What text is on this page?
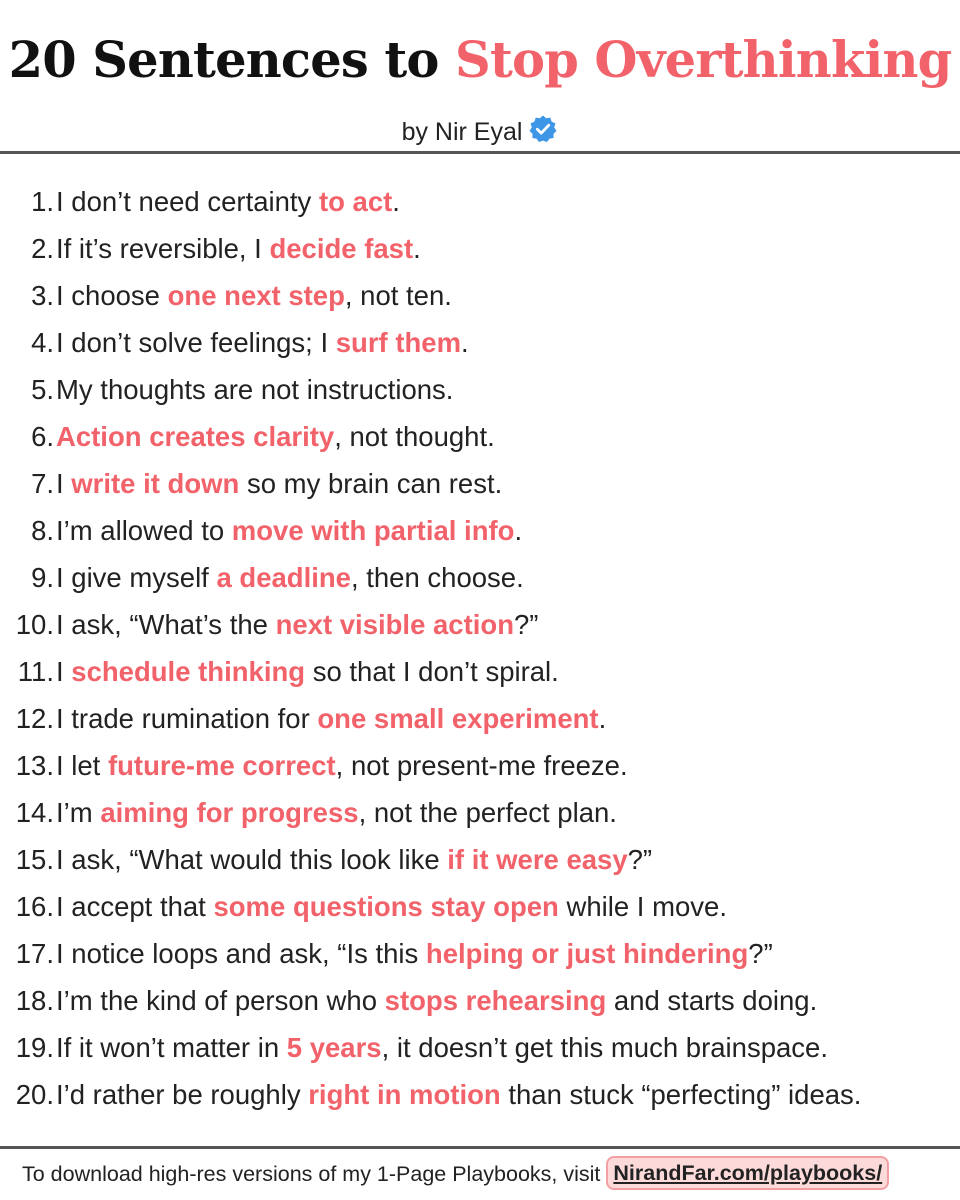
20 Sentences to Stop Overthinking
by Nir Eyal
1. I don’t need certainty to act.
2. If it’s reversible, I decide fast.
3. I choose one next step, not ten.
4. I don’t solve feelings; I surf them.
5. My thoughts are not instructions.
6. Action creates clarity, not thought.
7. I write it down so my brain can rest.
8. I’m allowed to move with partial info.
9. I give myself a deadline, then choose.
10. I ask, “What’s the next visible action?”
11. I schedule thinking so that I don’t spiral.
12. I trade rumination for one small experiment.
13. I let future-me correct, not present-me freeze.
14. I’m aiming for progress, not the perfect plan.
15. I ask, “What would this look like if it were easy?”
16. I accept that some questions stay open while I move.
17. I notice loops and ask, “Is this helping or just hindering?”
18. I’m the kind of person who stops rehearsing and starts doing.
19. If it won’t matter in 5 years, it doesn’t get this much brainspace.
20. I’d rather be roughly right in motion than stuck “perfecting” ideas.
To download high-res versions of my 1-Page Playbooks, visit NirandFar.com/playbooks/
